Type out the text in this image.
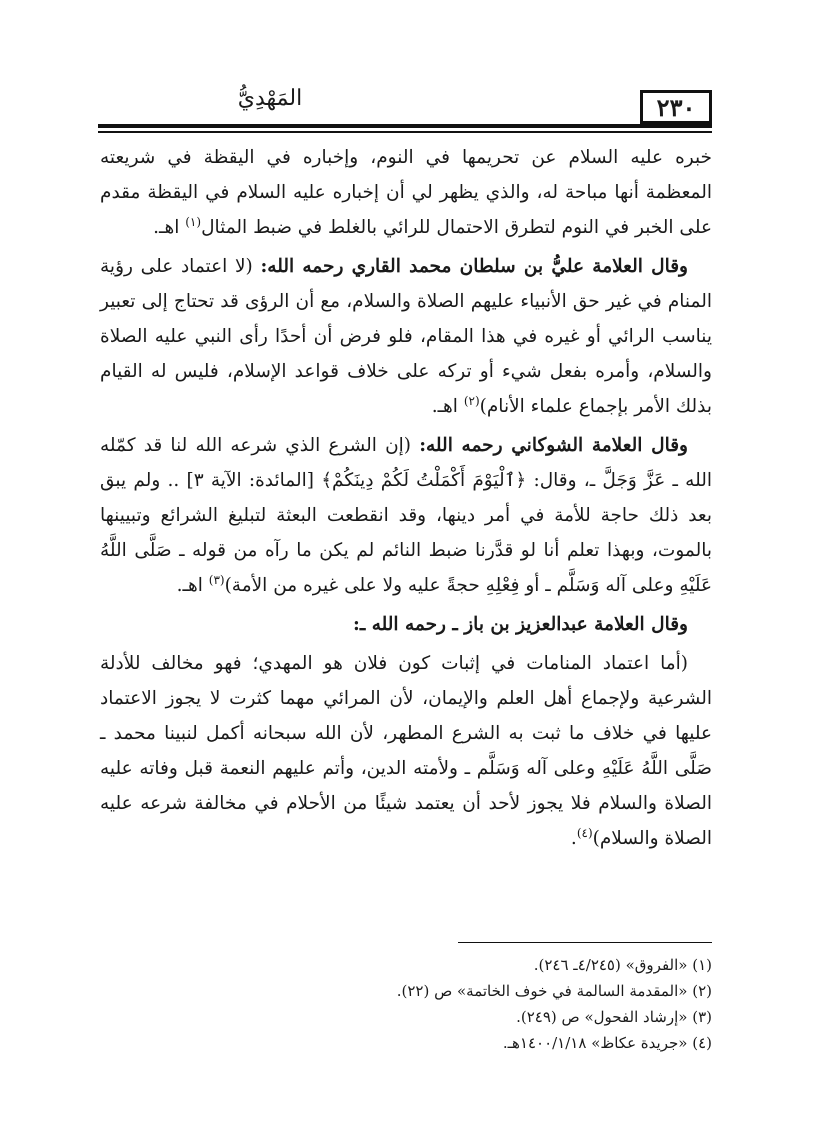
٢٣٠
المَهْدِيُّ

خبره عليه السلام عن تحريمها في النوم، وإخباره في اليقظة في شريعته المعظمة أنها مباحة له، والذي يظهر لي أن إخباره عليه السلام في اليقظة مقدم على الخبر في النوم لتطرق الاحتمال للرائي بالغلط في ضبط المثال$^{(١)}$ اهـ.

وقال العلامة عليُّ بن سلطان محمد القاري رحمه الله: (لا اعتماد على رؤية المنام في غير حق الأنبياء عليهم الصلاة والسلام، مع أن الرؤى قد تحتاج إلى تعبير يناسب الرائي أو غيره في هذا المقام، فلو فرض أن أحدًا رأى النبي عليه الصلاة والسلام، وأمره بفعل شيء أو تركه على خلاف قواعد الإسلام، فليس له القيام بذلك الأمر بإجماع علماء الأنام)$^{(٢)}$ اهـ.

وقال العلامة الشوكاني رحمه الله: (إن الشرع الذي شرعه الله لنا قد كمّله الله ـ عَزَّ وَجَلَّ ـ، وقال: ﴿ٱلْيَوْمَ أَكْمَلْتُ لَكُمْ دِينَكُمْ﴾ [المائدة: الآية ٣] .. ولم يبق بعد ذلك حاجة للأمة في أمر دينها، وقد انقطعت البعثة لتبليغ الشرائع وتبيينها بالموت، وبهذا تعلم أنا لو قدَّرنا ضبط النائم لم يكن ما رآه من قوله ـ صَلَّى اللَّهُ عَلَيْهِ وعلى آله وَسَلَّم ـ أو فِعْلِهِ حجةً عليه ولا على غيره من الأمة)$^{(٣)}$ اهـ.

وقال العلامة عبدالعزيز بن باز ـ رحمه الله ـ:

(أما اعتماد المنامات في إثبات كون فلان هو المهدي؛ فهو مخالف للأدلة الشرعية ولإجماع أهل العلم والإيمان، لأن المرائي مهما كثرت لا يجوز الاعتماد عليها في خلاف ما ثبت به الشرع المطهر، لأن الله سبحانه أكمل لنبينا محمد ـ صَلَّى اللَّهُ عَلَيْهِ وعلى آله وَسَلَّم ـ ولأمته الدين، وأتم عليهم النعمة قبل وفاته عليه الصلاة والسلام فلا يجوز لأحد أن يعتمد شيئًا من الأحلام في مخالفة شرعه عليه الصلاة والسلام)$^{(٤)}$.

(١) «الفروق» (٤/٢٤٥ـ ٢٤٦).
(٢) «المقدمة السالمة في خوف الخاتمة» ص (٢٢).
(٣) «إرشاد الفحول» ص (٢٤٩).
(٤) «جريدة عكاظ» ١٤٠٠/١/١٨هـ.
